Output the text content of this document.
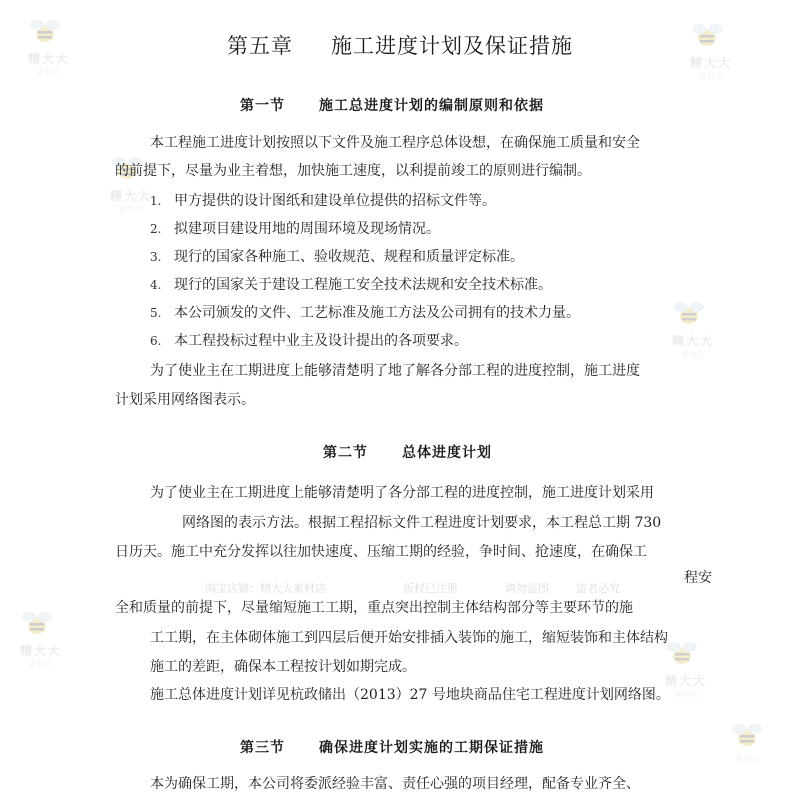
精大大
素材店
精大大
素材店
精大大
素材店
精大大
素材店
精大大
素材店
精大大
素材店
素材店
淘宝店铺：精大大素材店	版权已注册	请勿盗图 盗者必究
第五章 施工进度计划及保证措施
第一节 施工总进度计划的编制原则和依据
本工程施工进度计划按照以下文件及施工程序总体设想，在确保施工质量和安全
的前提下，尽量为业主着想，加快施工速度，以利提前竣工的原则进行编制。
1. 甲方提供的设计图纸和建设单位提供的招标文件等。
2. 拟建项目建设用地的周围环境及现场情况。
3. 现行的国家各种施工、验收规范、规程和质量评定标准。
4. 现行的国家关于建设工程施工安全技术法规和安全技术标准。
5. 本公司颁发的文件、工艺标准及施工方法及公司拥有的技术力量。
6. 本工程投标过程中业主及设计提出的各项要求。
为了使业主在工期进度上能够清楚明了地了解各分部工程的进度控制，施工进度
计划采用网络图表示。
第二节 总体进度计划
为了使业主在工期进度上能够清楚明了各分部工程的进度控制，施工进度计划采用
网络图的表示方法。根据工程招标文件工程进度计划要求，本工程总工期 730
日历天。施工中充分发挥以往加快速度、压缩工期的经验，争时间、抢速度，在确保工
程安
全和质量的前提下，尽量缩短施工工期，重点突出控制主体结构部分等主要环节的施
工工期，在主体砌体施工到四层后便开始安排插入装饰的施工，缩短装饰和主体结构
施工的差距，确保本工程按计划如期完成。
施工总体进度计划详见杭政储出（2013）27 号地块商品住宅工程进度计划网络图。
第三节 确保进度计划实施的工期保证措施
本为确保工期，本公司将委派经验丰富、责任心强的项目经理，配备专业齐全、
